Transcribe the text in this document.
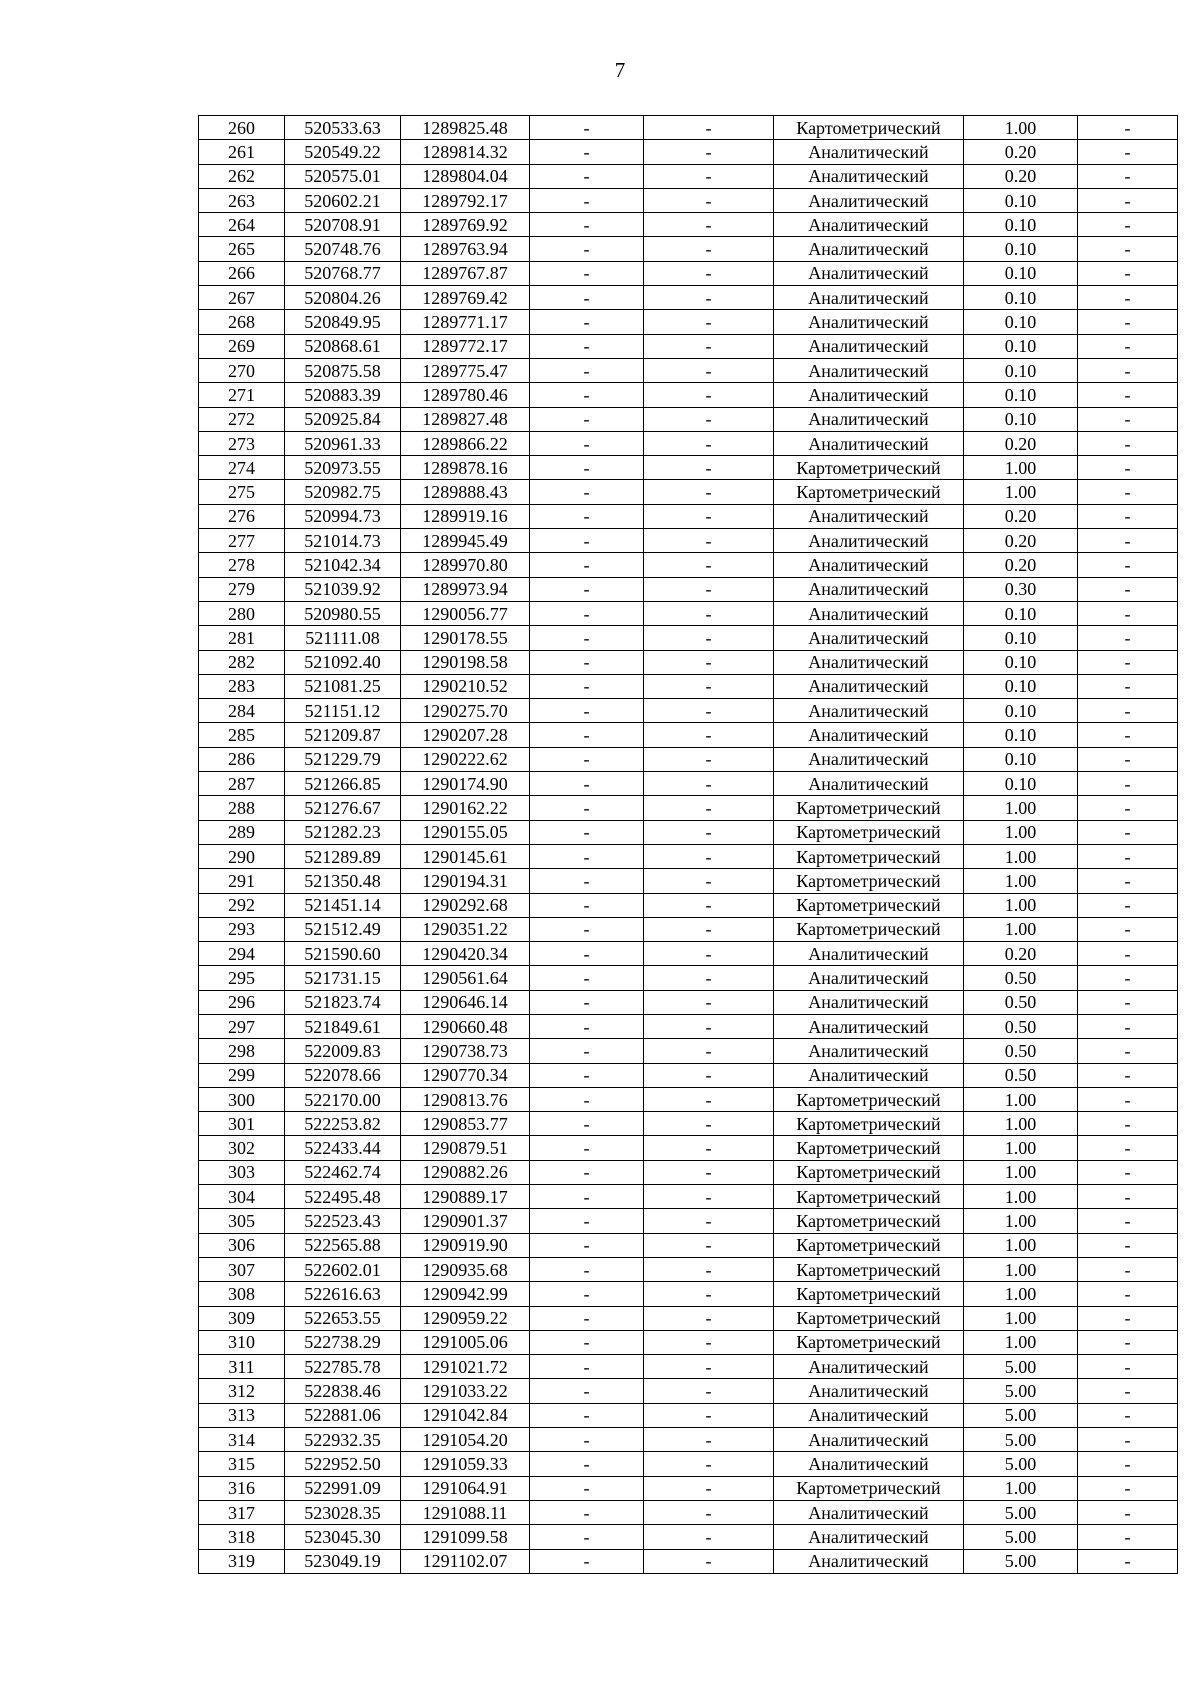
7
260	520533.63	1289825.48	-	-	Картометрический	1.00	-
261	520549.22	1289814.32	-	-	Аналитический	0.20	-
262	520575.01	1289804.04	-	-	Аналитический	0.20	-
263	520602.21	1289792.17	-	-	Аналитический	0.10	-
264	520708.91	1289769.92	-	-	Аналитический	0.10	-
265	520748.76	1289763.94	-	-	Аналитический	0.10	-
266	520768.77	1289767.87	-	-	Аналитический	0.10	-
267	520804.26	1289769.42	-	-	Аналитический	0.10	-
268	520849.95	1289771.17	-	-	Аналитический	0.10	-
269	520868.61	1289772.17	-	-	Аналитический	0.10	-
270	520875.58	1289775.47	-	-	Аналитический	0.10	-
271	520883.39	1289780.46	-	-	Аналитический	0.10	-
272	520925.84	1289827.48	-	-	Аналитический	0.10	-
273	520961.33	1289866.22	-	-	Аналитический	0.20	-
274	520973.55	1289878.16	-	-	Картометрический	1.00	-
275	520982.75	1289888.43	-	-	Картометрический	1.00	-
276	520994.73	1289919.16	-	-	Аналитический	0.20	-
277	521014.73	1289945.49	-	-	Аналитический	0.20	-
278	521042.34	1289970.80	-	-	Аналитический	0.20	-
279	521039.92	1289973.94	-	-	Аналитический	0.30	-
280	520980.55	1290056.77	-	-	Аналитический	0.10	-
281	521111.08	1290178.55	-	-	Аналитический	0.10	-
282	521092.40	1290198.58	-	-	Аналитический	0.10	-
283	521081.25	1290210.52	-	-	Аналитический	0.10	-
284	521151.12	1290275.70	-	-	Аналитический	0.10	-
285	521209.87	1290207.28	-	-	Аналитический	0.10	-
286	521229.79	1290222.62	-	-	Аналитический	0.10	-
287	521266.85	1290174.90	-	-	Аналитический	0.10	-
288	521276.67	1290162.22	-	-	Картометрический	1.00	-
289	521282.23	1290155.05	-	-	Картометрический	1.00	-
290	521289.89	1290145.61	-	-	Картометрический	1.00	-
291	521350.48	1290194.31	-	-	Картометрический	1.00	-
292	521451.14	1290292.68	-	-	Картометрический	1.00	-
293	521512.49	1290351.22	-	-	Картометрический	1.00	-
294	521590.60	1290420.34	-	-	Аналитический	0.20	-
295	521731.15	1290561.64	-	-	Аналитический	0.50	-
296	521823.74	1290646.14	-	-	Аналитический	0.50	-
297	521849.61	1290660.48	-	-	Аналитический	0.50	-
298	522009.83	1290738.73	-	-	Аналитический	0.50	-
299	522078.66	1290770.34	-	-	Аналитический	0.50	-
300	522170.00	1290813.76	-	-	Картометрический	1.00	-
301	522253.82	1290853.77	-	-	Картометрический	1.00	-
302	522433.44	1290879.51	-	-	Картометрический	1.00	-
303	522462.74	1290882.26	-	-	Картометрический	1.00	-
304	522495.48	1290889.17	-	-	Картометрический	1.00	-
305	522523.43	1290901.37	-	-	Картометрический	1.00	-
306	522565.88	1290919.90	-	-	Картометрический	1.00	-
307	522602.01	1290935.68	-	-	Картометрический	1.00	-
308	522616.63	1290942.99	-	-	Картометрический	1.00	-
309	522653.55	1290959.22	-	-	Картометрический	1.00	-
310	522738.29	1291005.06	-	-	Картометрический	1.00	-
311	522785.78	1291021.72	-	-	Аналитический	5.00	-
312	522838.46	1291033.22	-	-	Аналитический	5.00	-
313	522881.06	1291042.84	-	-	Аналитический	5.00	-
314	522932.35	1291054.20	-	-	Аналитический	5.00	-
315	522952.50	1291059.33	-	-	Аналитический	5.00	-
316	522991.09	1291064.91	-	-	Картометрический	1.00	-
317	523028.35	1291088.11	-	-	Аналитический	5.00	-
318	523045.30	1291099.58	-	-	Аналитический	5.00	-
319	523049.19	1291102.07	-	-	Аналитический	5.00	-
